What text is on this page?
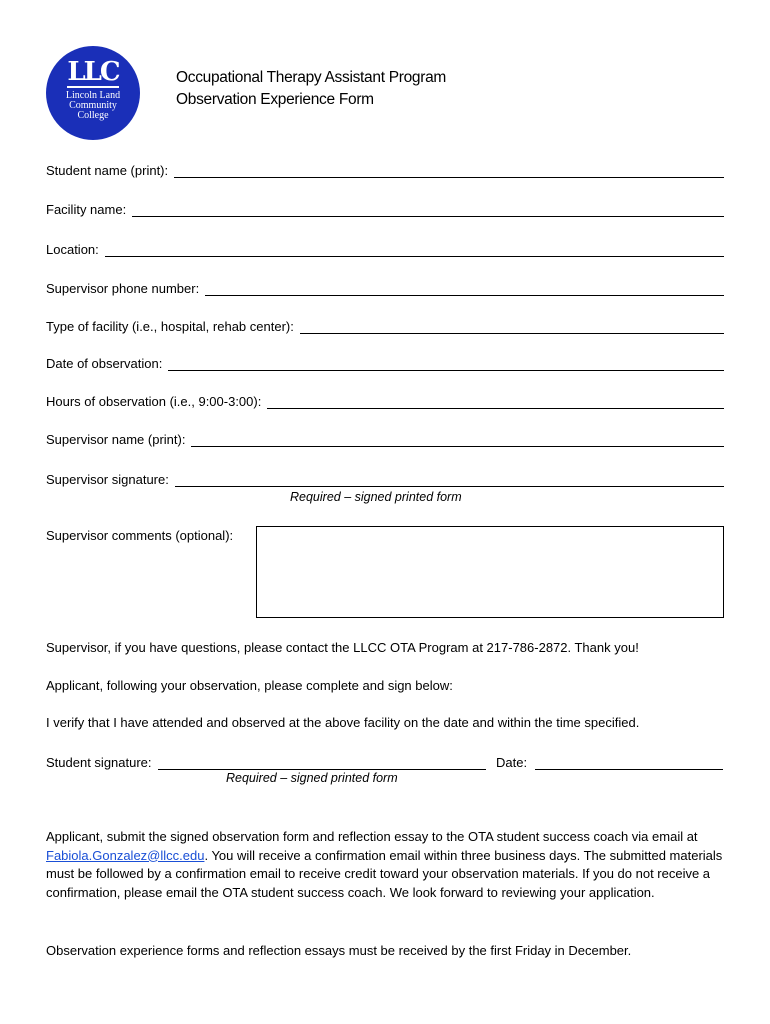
LLC
Lincoln Land Community College
Occupational Therapy Assistant Program
Observation Experience Form
Student name (print):
Facility name:
Location:
Supervisor phone number:
Type of facility (i.e., hospital, rehab center):
Date of observation:
Hours of observation (i.e., 9:00-3:00):
Supervisor name (print):
Supervisor signature:
Required – signed printed form
Supervisor comments (optional):
Supervisor, if you have questions, please contact the LLCC OTA Program at 217-786-2872. Thank you!
Applicant, following your observation, please complete and sign below:
I verify that I have attended and observed at the above facility on the date and within the time specified.
Student signature:	Date:
Required – signed printed form
Applicant, submit the signed observation form and reflection essay to the OTA student success coach via email at Fabiola.Gonzalez@llcc.edu. You will receive a confirmation email within three business days. The submitted materials must be followed by a confirmation email to receive credit toward your observation materials. If you do not receive a confirmation, please email the OTA student success coach. We look forward to reviewing your application.
Observation experience forms and reflection essays must be received by the first Friday in December.
